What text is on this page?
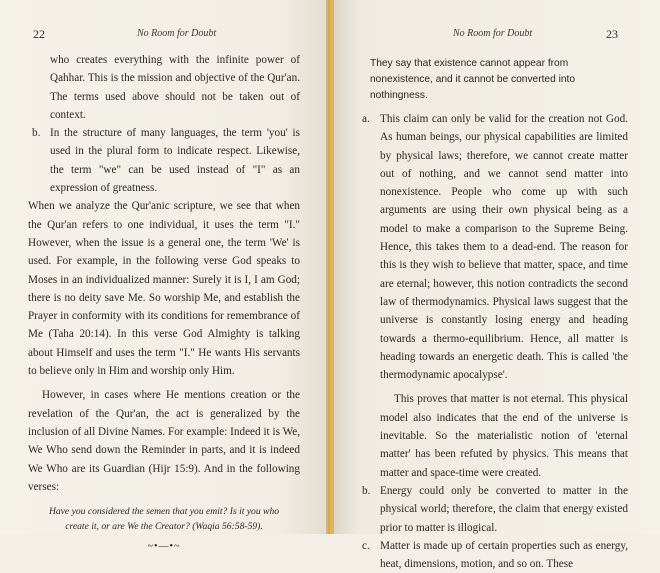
22	No Room for Doubt
who creates everything with the infinite power of Qahhar. This is the mission and objective of the Qur'an. The terms used above should not be taken out of context.
b. In the structure of many languages, the term 'you' is used in the plural form to indicate respect. Likewise, the term "we" can be used instead of "I" as an expression of greatness.

When we analyze the Qur'anic scripture, we see that when the Qur'an refers to one individual, it uses the term "I." However, when the issue is a general one, the term 'We' is used. For example, in the following verse God speaks to Moses in an individualized manner: Surely it is I, I am God; there is no deity save Me. So worship Me, and establish the Prayer in conformity with its conditions for remembrance of Me (Taha 20:14). In this verse God Almighty is talking about Himself and uses the term "I." He wants His servants to believe only in Him and worship only Him.

However, in cases where He mentions creation or the revelation of the Qur'an, the act is generalized by the inclusion of all Divine Names. For example: Indeed it is We, We Who send down the Reminder in parts, and it is indeed We Who are its Guardian (Hijr 15:9). And in the following verses:

Have you considered the semen that you emit? Is it you who create it, or are We the Creator? (Waqia 56:58-59).
~•—•~
No Room for Doubt	23
They say that existence cannot appear from nonexistence, and it cannot be converted into nothingness.
a. This claim can only be valid for the creation not God. As human beings, our physical capabilities are limited by physical laws; therefore, we cannot create matter out of nothing, and we cannot send matter into nonexistence. People who come up with such arguments are using their own physical being as a model to make a comparison to the Supreme Being. Hence, this takes them to a dead-end. The reason for this is they wish to believe that matter, space, and time are eternal; however, this notion contradicts the second law of thermodynamics. Physical laws suggest that the universe is constantly losing energy and heading towards a thermo-equilibrium. Hence, all matter is heading towards an energetic death. This is called 'the thermodynamic apocalypse'.

This proves that matter is not eternal. This physical model also indicates that the end of the universe is inevitable. So the materialistic notion of 'eternal matter' has been refuted by physics. This means that matter and space-time were created.

b. Energy could only be converted to matter in the physical world; therefore, the claim that energy existed prior to matter is illogical.
c. Matter is made up of certain properties such as energy, heat, dimensions, motion, and so on. These
